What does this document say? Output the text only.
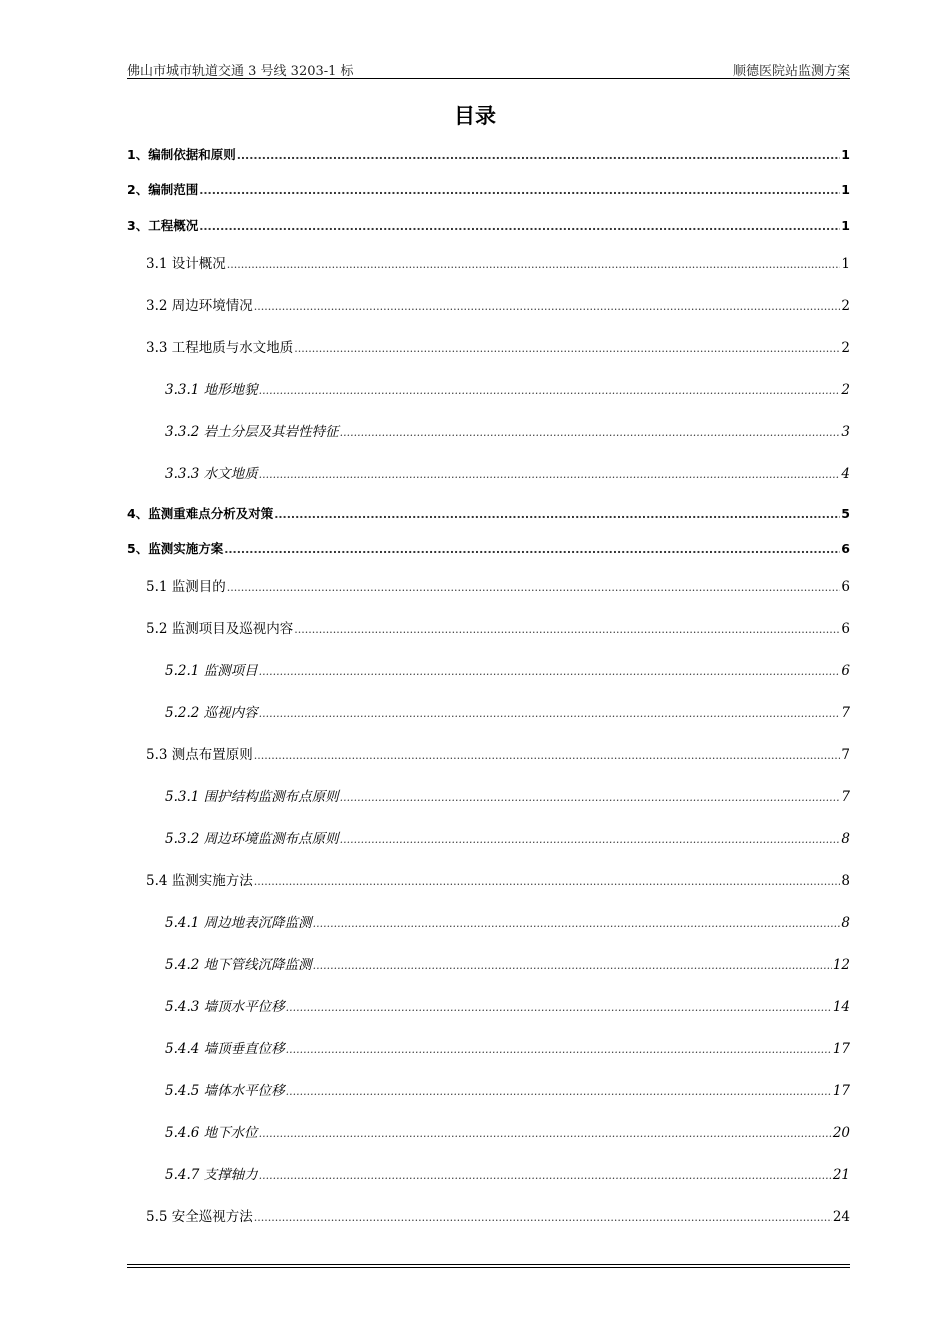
佛山市城市轨道交通 3 号线 3203-1 标	顺德医院站监测方案
目录
1、编制依据和原则 .....	1
2、编制范围 .....	1
3、工程概况 .....	1
3.1 设计概况 .....	1
3.2 周边环境情况 .....	2
3.3 工程地质与水文地质 .....	2
3.3.1 地形地貌 .....	2
3.3.2 岩土分层及其岩性特征 .....	3
3.3.3 水文地质 .....	4
4、监测重难点分析及对策 .....	5
5、监测实施方案 .....	6
5.1 监测目的 .....	6
5.2 监测项目及巡视内容 .....	6
5.2.1 监测项目 .....	6
5.2.2 巡视内容 .....	7
5.3 测点布置原则 .....	7
5.3.1 围护结构监测布点原则 .....	7
5.3.2 周边环境监测布点原则 .....	8
5.4 监测实施方法 .....	8
5.4.1 周边地表沉降监测 .....	8
5.4.2 地下管线沉降监测 .....	12
5.4.3 墙顶水平位移 .....	14
5.4.4 墙顶垂直位移 .....	17
5.4.5 墙体水平位移 .....	17
5.4.6 地下水位 .....	20
5.4.7 支撑轴力 .....	21
5.5 安全巡视方法 .....	24
